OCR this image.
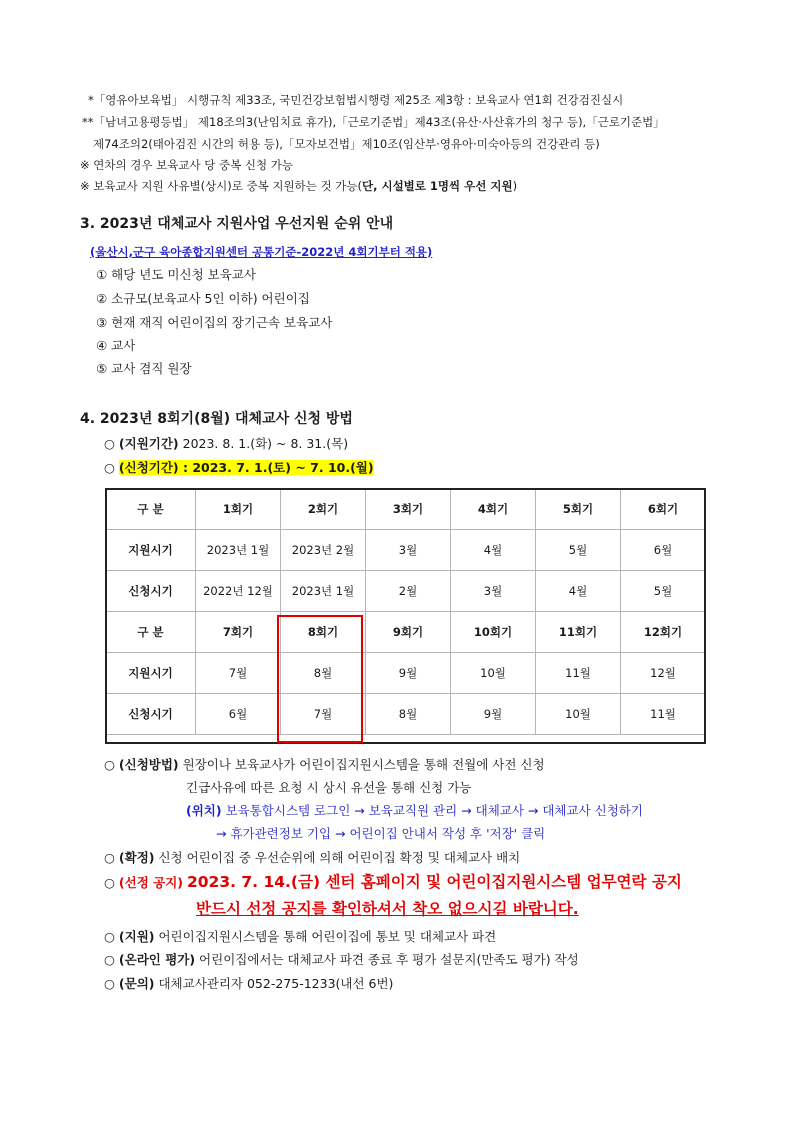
*「영유아보육법」 시행규칙 제33조, 국민건강보험법시행령 제25조 제3항 : 보육교사 연1회 건강검진실시
**「남녀고용평등법」 제18조의3(난임치료 휴가),「근로기준법」제43조(유산·사산휴가의 청구 등),「근로기준법」
제74조의2(태아검진 시간의 허용 등),「모자보건법」제10조(임산부·영유아·미숙아등의 건강관리 등)
※ 연차의 경우 보육교사 당 중복 신청 가능
※ 보육교사 지원 사유별(상시)로 중복 지원하는 것 가능(단, 시설별로 1명씩 우선 지원)
3. 2023년 대체교사 지원사업 우선지원 순위 안내
(울산시,군구 육아종합지원센터 공통기준-2022년 4회기부터 적용)
① 해당 년도 미신청 보육교사
② 소규모(보육교사 5인 이하) 어린이집
③ 현재 재직 어린이집의 장기근속 보육교사
④ 교사
⑤ 교사 겸직 원장
4. 2023년 8회기(8월) 대체교사 신청 방법
○ (지원기간) 2023. 8. 1.(화) ~ 8. 31.(목)
○ (신청기간) : 2023. 7. 1.(토) ~ 7. 10.(월)
구 분	1회기	2회기	3회기	4회기	5회기	6회기
지원시기	2023년 1월	2023년 2월	3월	4월	5월	6월
신청시기	2022년 12월	2023년 1월	2월	3월	4월	5월
구 분	7회기	8회기	9회기	10회기	11회기	12회기
지원시기	7월	8월	9월	10월	11월	12월
신청시기	6월	7월	8월	9월	10월	11월
○ (신청방법) 원장이나 보육교사가 어린이집지원시스템을 통해 전월에 사전 신청
긴급사유에 따른 요청 시 상시 유선을 통해 신청 가능
(위치) 보육통합시스템 로그인 → 보육교직원 관리 → 대체교사 → 대체교사 신청하기
→ 휴가관련정보 기입 → 어린이집 안내서 작성 후 '저장' 클릭
○ (확정) 신청 어린이집 중 우선순위에 의해 어린이집 확정 및 대체교사 배치
○ (선정 공지) 2023. 7. 14.(금) 센터 홈페이지 및 어린이집지원시스템 업무연락 공지
반드시 선정 공지를 확인하셔서 착오 없으시길 바랍니다.
○ (지원) 어린이집지원시스템을 통해 어린이집에 통보 및 대체교사 파견
○ (온라인 평가) 어린이집에서는 대체교사 파견 종료 후 평가 설문지(만족도 평가) 작성
○ (문의) 대체교사관리자 052-275-1233(내선 6번)
